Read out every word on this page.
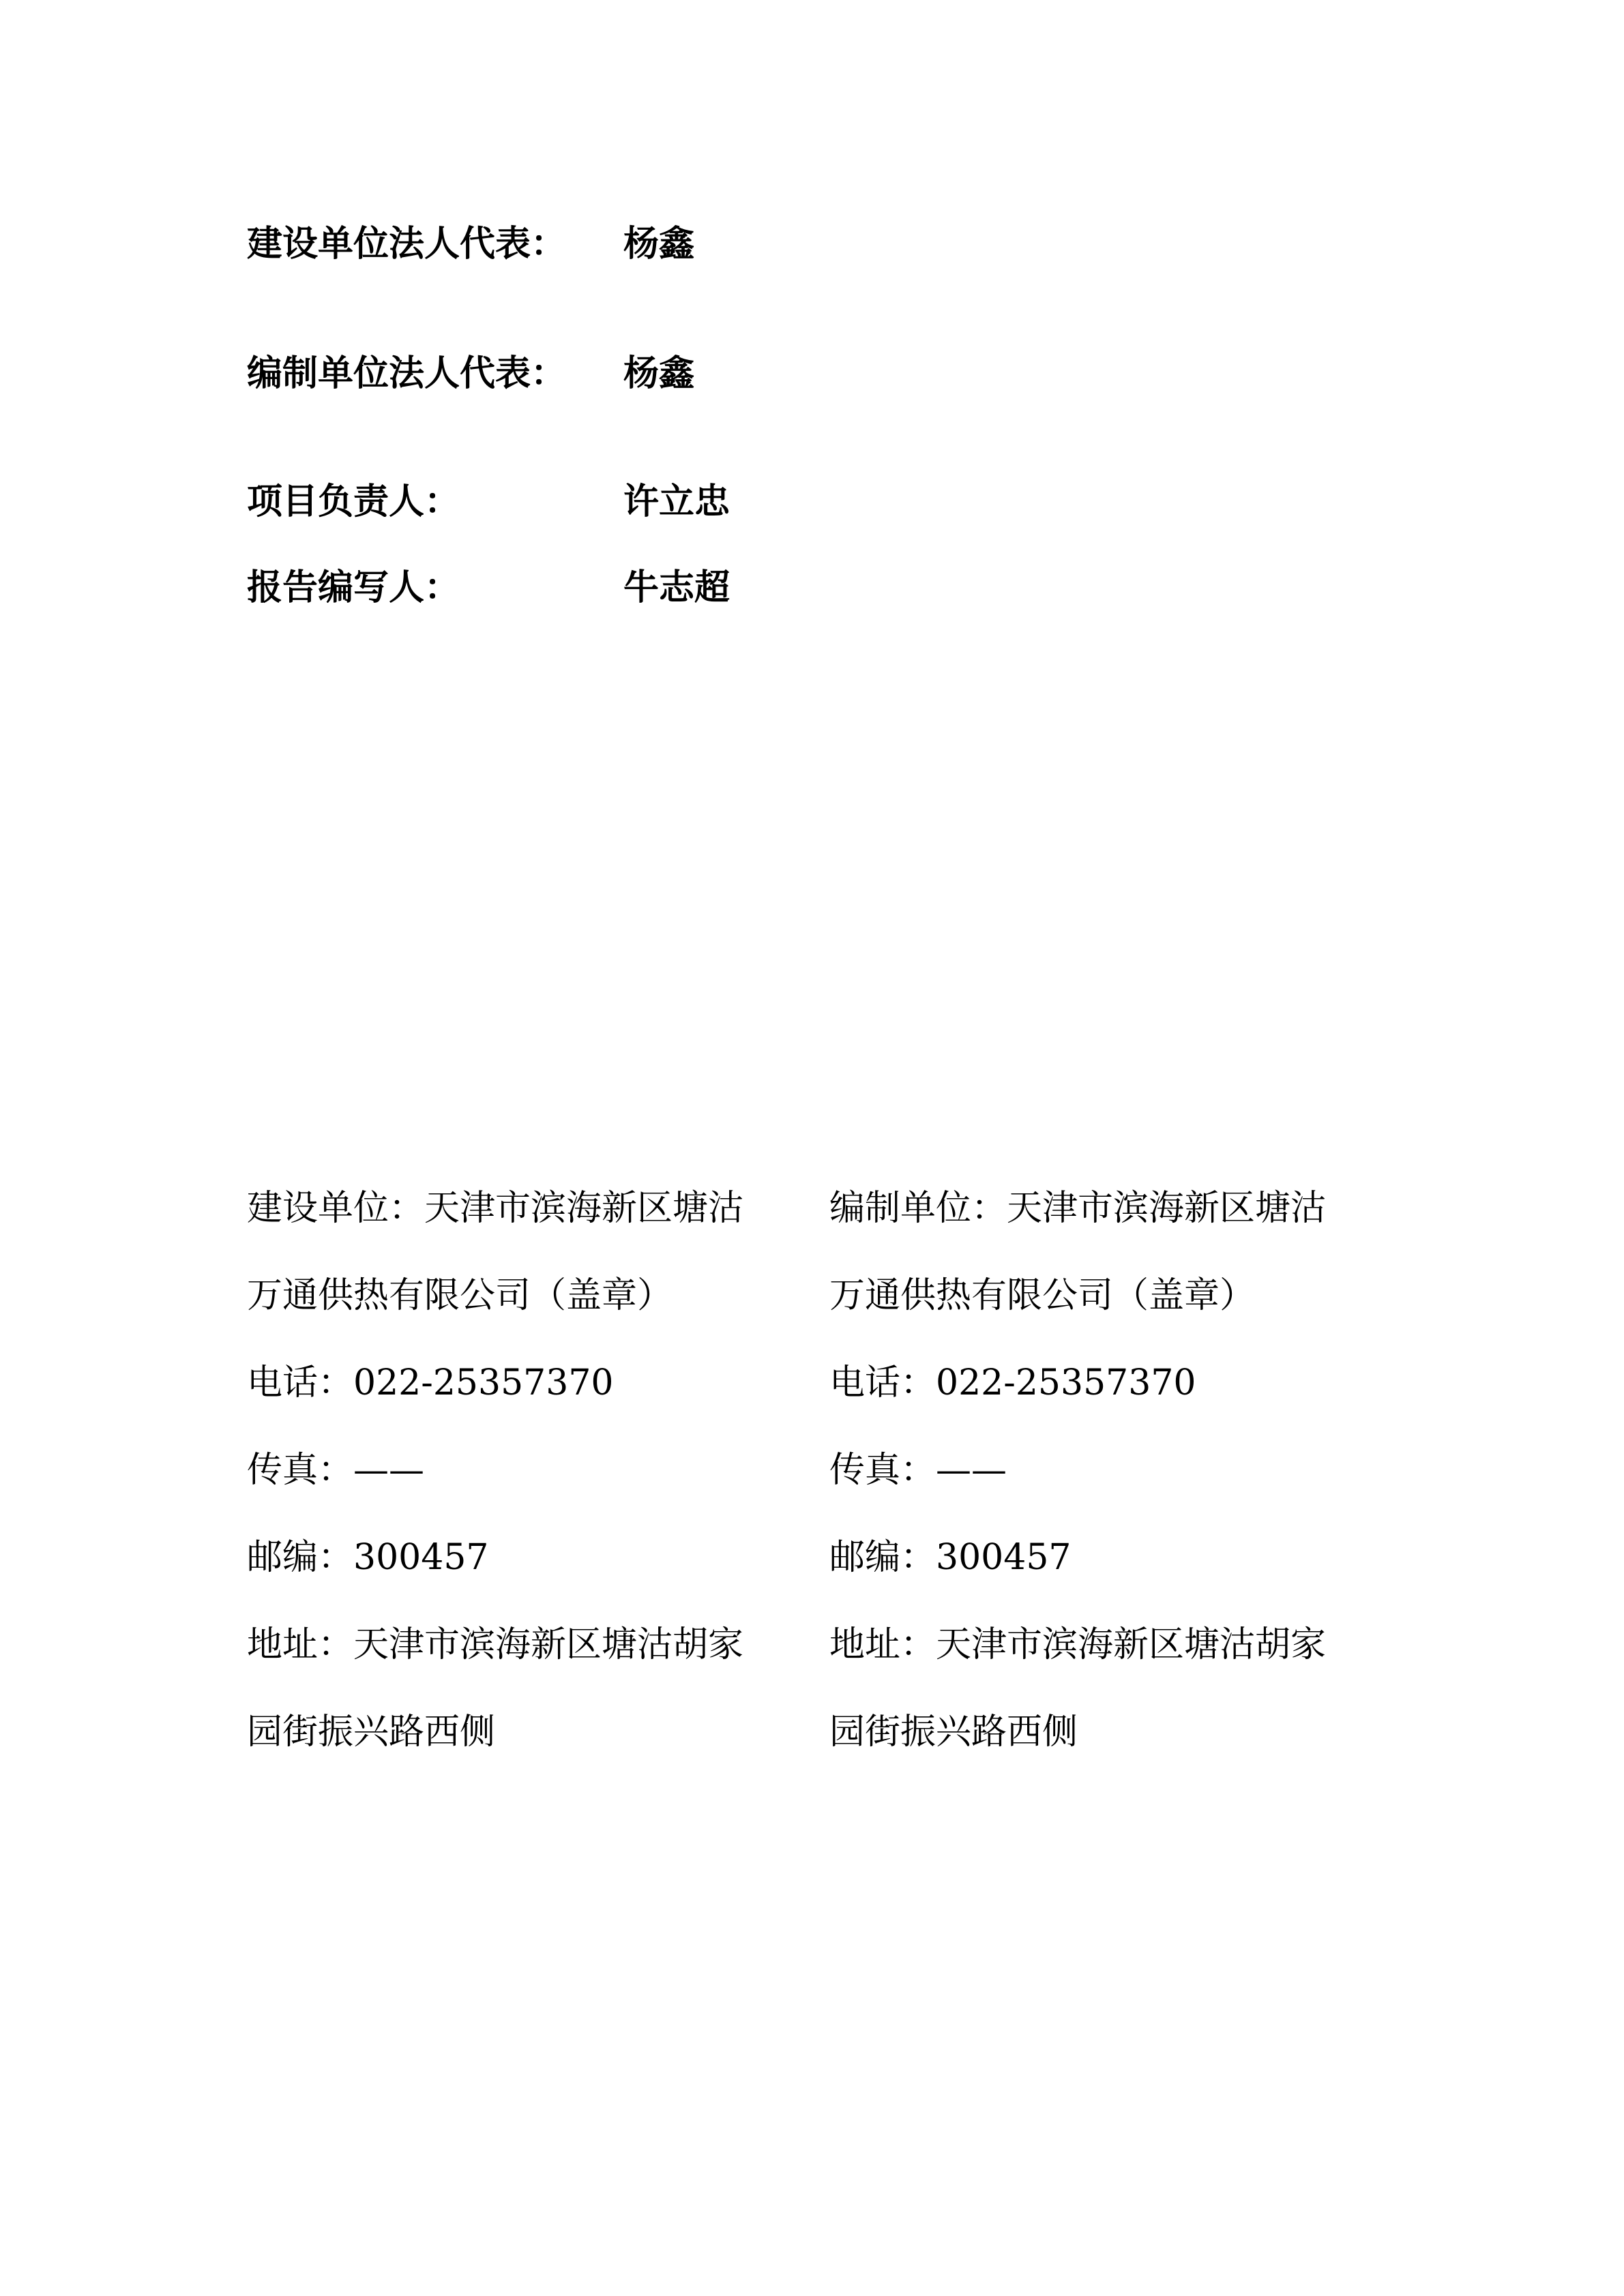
建设单位法人代表： 杨鑫
编制单位法人代表： 杨鑫
项目负责人：	许立忠
报告编写人：	牛志超
建设单位：天津市滨海新区塘沽
万通供热有限公司（盖章）
电话：022-25357370
传真：——
邮编：300457
地址：天津市滨海新区塘沽胡家
园街振兴路西侧
编制单位：天津市滨海新区塘沽
万通供热有限公司（盖章）
电话：022-25357370
传真：——
邮编：300457
地址：天津市滨海新区塘沽胡家
园街振兴路西侧
